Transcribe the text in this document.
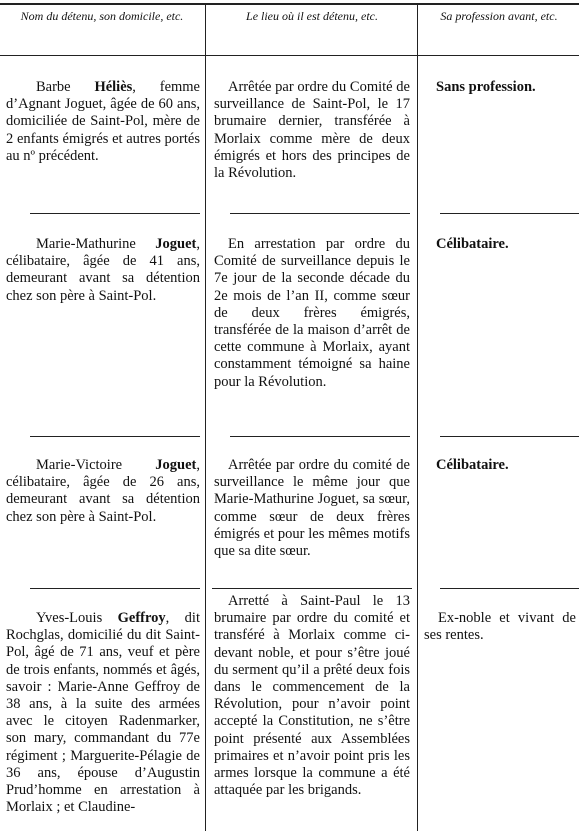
Nom du détenu, son domicile, etc.	Le lieu où il est détenu, etc.	Sa profession avant, etc.
Barbe Héliès, femme d’Agnant Joguet, âgée de 60 ans, domiciliée de Saint-Pol, mère de 2 enfants émigrés et autres portés au nº précédent.
Arrêtée par ordre du Comité de surveillance de Saint-Pol, le 17 brumaire dernier, transférée à Morlaix comme mère de deux émigrés et hors des principes de la Révolution.
Sans profession.
Marie-Mathurine Joguet, célibataire, âgée de 41 ans, demeurant avant sa détention chez son père à Saint-Pol.
En arrestation par ordre du Comité de surveillance depuis le 7e jour de la seconde décade du 2e mois de l’an II, comme sœur de deux frères émigrés, transférée de la maison d’arrêt de cette commune à Morlaix, ayant constamment témoigné sa haine pour la Révolution.
Célibataire.
Marie-Victoire Joguet, célibataire, âgée de 26 ans, demeurant avant sa détention chez son père à Saint-Pol.
Arrêtée par ordre du comité de surveillance le même jour que Marie-Mathurine Joguet, sa sœur, comme sœur de deux frères émigrés et pour les mêmes motifs que sa dite sœur.
Célibataire.
Yves-Louis Geffroy, dit Rochglas, domicilié du dit Saint-Pol, âgé de 71 ans, veuf et père de trois enfants, nommés et âgés, savoir : Marie-Anne Geffroy de 38 ans, à la suite des armées avec le citoyen Radenmarker, son mary, commandant du 77e régiment ; Marguerite-Pélagie de 36 ans, épouse d’Augustin Prud’homme en arrestation à Morlaix ; et Claudine-
Arretté à Saint-Paul le 13 brumaire par ordre du comité et transféré à Morlaix comme ci-devant noble, et pour s’être joué du serment qu’il a prêté deux fois dans le commencement de la Révolution, pour n’avoir point accepté la Constitution, ne s’être point présenté aux Assemblées primaires et n’avoir point pris les armes lorsque la commune a été attaquée par les brigands.
Ex-noble et vivant de ses rentes.
